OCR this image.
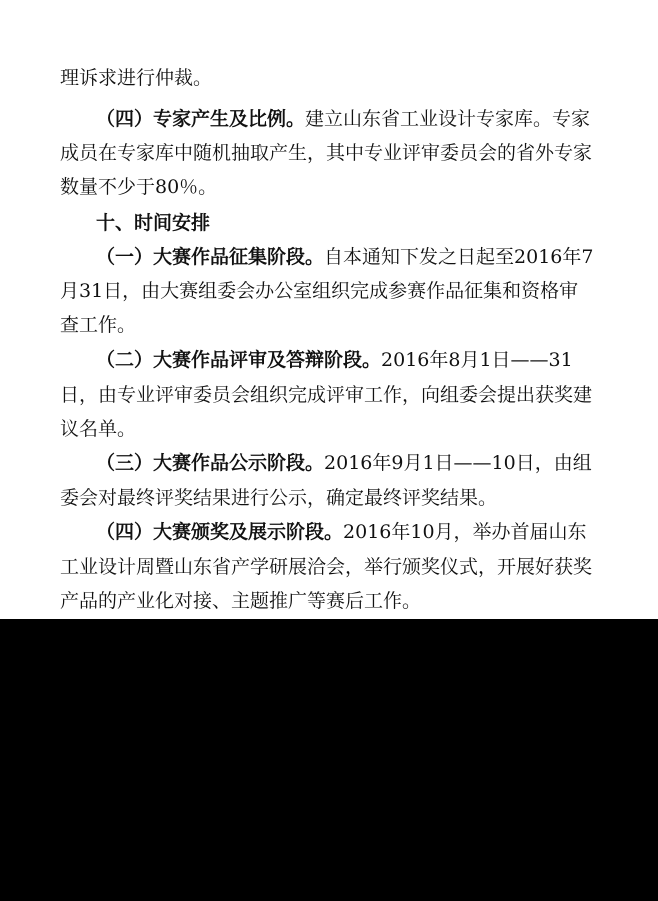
理诉求进行仲裁。
（四）专家产生及比例。建立山东省工业设计专家库。专家
成员在专家库中随机抽取产生，其中专业评审委员会的省外专家
数量不少于80％。
十、时间安排
（一）大赛作品征集阶段。自本通知下发之日起至2016年7
月31日，由大赛组委会办公室组织完成参赛作品征集和资格审
查工作。
（二）大赛作品评审及答辩阶段。2016年8月1日——31
日，由专业评审委员会组织完成评审工作，向组委会提出获奖建
议名单。
（三）大赛作品公示阶段。2016年9月1日——10日，由组
委会对最终评奖结果进行公示，确定最终评奖结果。
（四）大赛颁奖及展示阶段。2016年10月，举办首届山东
工业设计周暨山东省产学研展洽会，举行颁奖仪式，开展好获奖
产品的产业化对接、主题推广等赛后工作。
